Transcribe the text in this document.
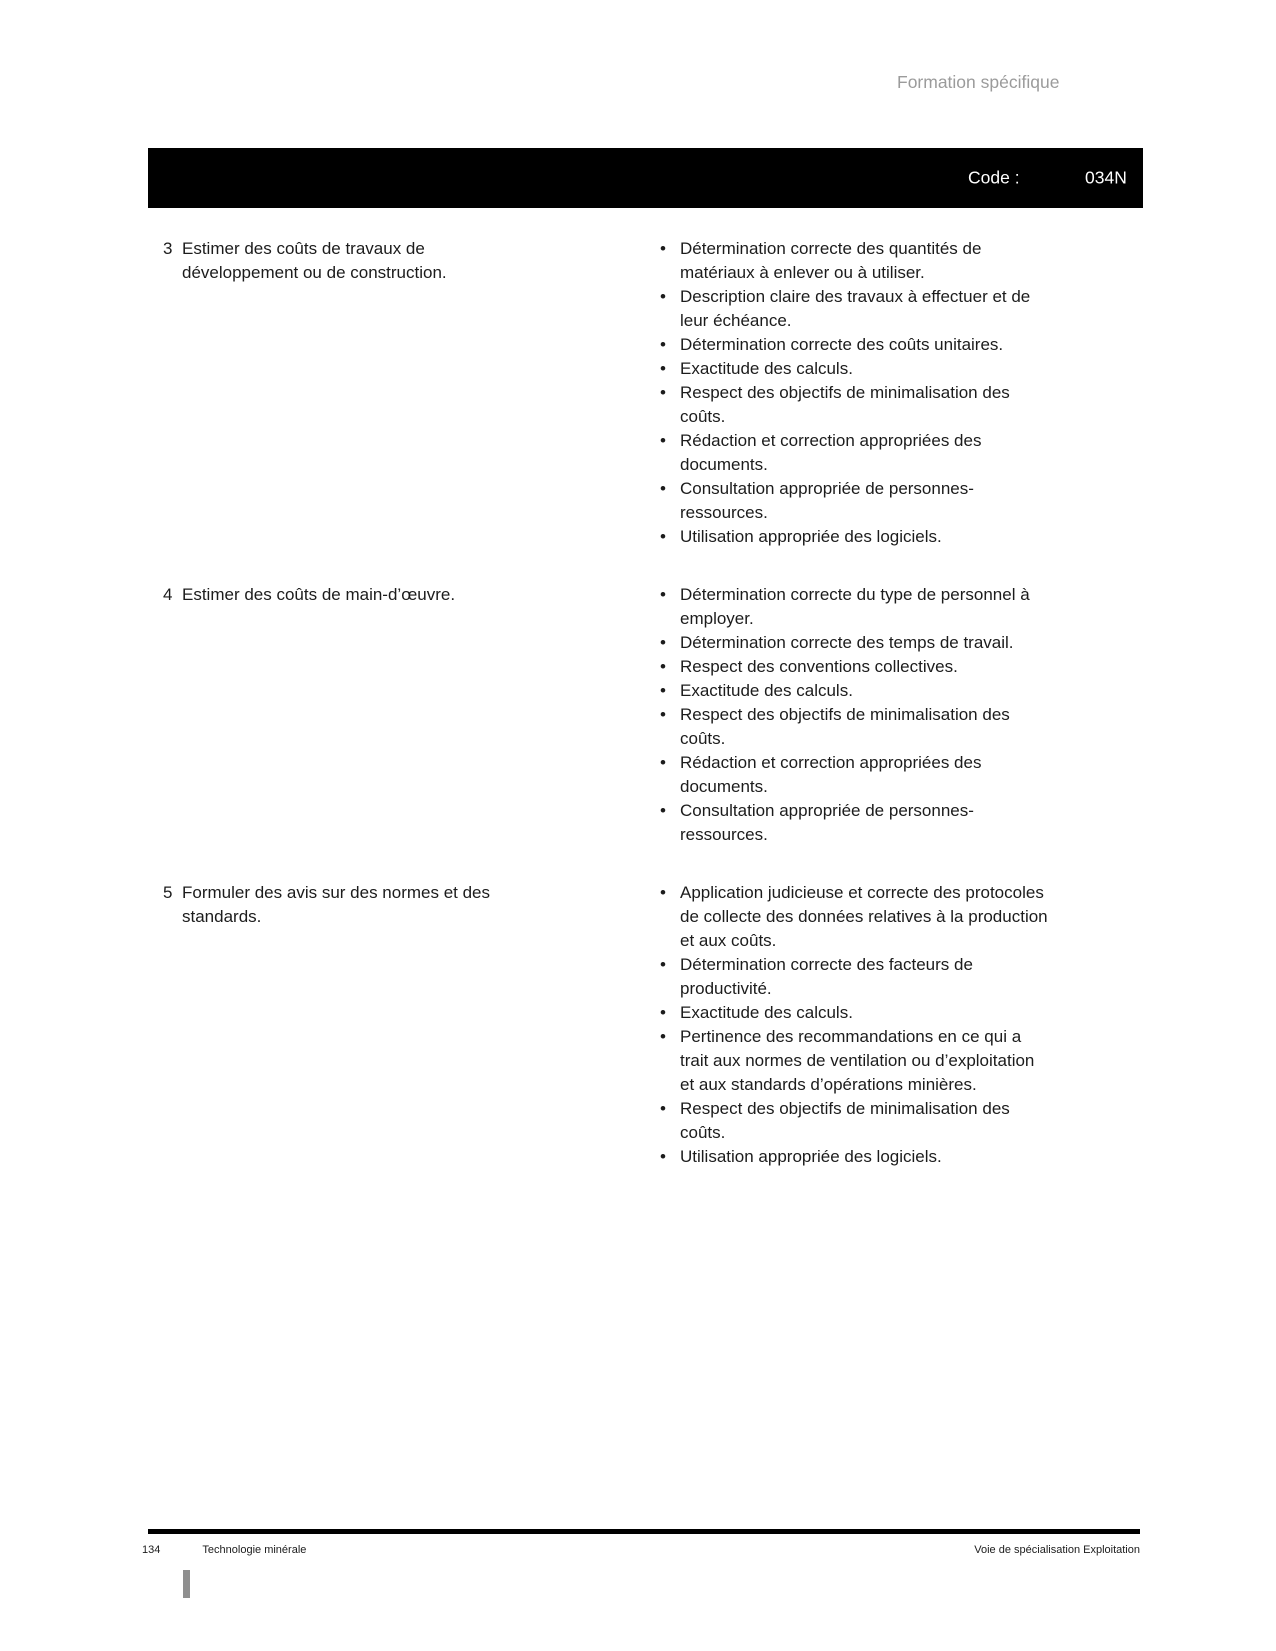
Formation spécifique
Code :	034N
3 Estimer des coûts de travaux de développement ou de construction.
• Détermination correcte des quantités de matériaux à enlever ou à utiliser.
• Description claire des travaux à effectuer et de leur échéance.
• Détermination correcte des coûts unitaires.
• Exactitude des calculs.
• Respect des objectifs de minimalisation des coûts.
• Rédaction et correction appropriées des documents.
• Consultation appropriée de personnes-ressources.
• Utilisation appropriée des logiciels.
4 Estimer des coûts de main-d’œuvre.	• Détermination correcte du type de personnel à employer.
• Détermination correcte des temps de travail.
• Respect des conventions collectives.
• Exactitude des calculs.
• Respect des objectifs de minimalisation des coûts.
• Rédaction et correction appropriées des documents.
• Consultation appropriée de personnes-ressources.
5 Formuler des avis sur des normes et des standards.
• Application judicieuse et correcte des protocoles de collecte des données relatives à la production et aux coûts.
• Détermination correcte des facteurs de productivité.
• Exactitude des calculs.
• Pertinence des recommandations en ce qui a trait aux normes de ventilation ou d’exploitation et aux standards d’opérations minières.
• Respect des objectifs de minimalisation des coûts.
• Utilisation appropriée des logiciels.
134	Technologie minérale	Voie de spécialisation Exploitation
